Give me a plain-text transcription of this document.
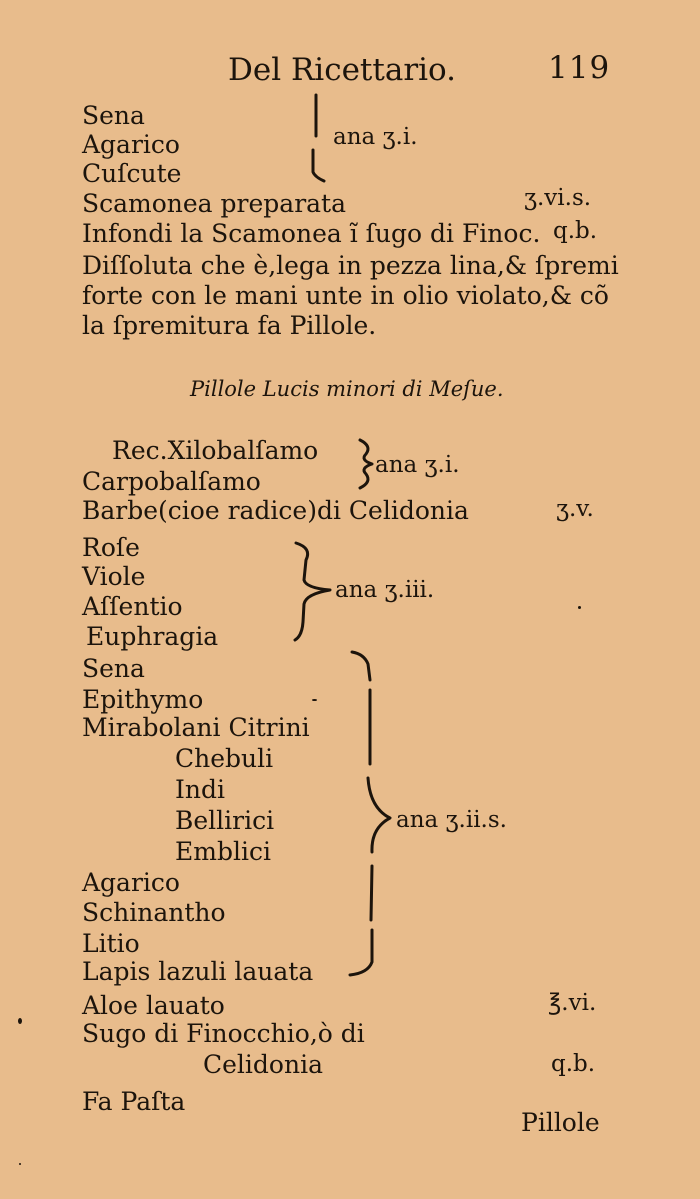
Del Ricettario.	119
Sena
Agarico
Cuſcute
ana ʒ.i.
Scamonea preparata	ʒ.vi.s.
Infondi la Scamonea ĩ ſugo di Finoc. q.b.
Diſſoluta che è,lega in pezza lina,& ſpremi
forte con le mani unte in olio violato,& cõ
la ſpremitura fa Pillole.
Pillole Lucis minori di Meſue.
Rec.Xilobalſamo
Carpobalſamo
ana ʒ.i.
Barbe(cioe radice)di Celidonia	ʒ.v.
Roſe
Viole
Aſſentio
Euphragia
ana ʒ.iii.
Sena
Epithymo
Mirabolani Citrini
Chebuli
Indi
Bellirici
Emblici
Agarico
Schinantho
Litio
Lapis lazuli lauata
ana ʒ.ii.s.
Aloe lauato	℥.vi.
Sugo di Finocchio,ò di
Celidonia	q.b.
Fa Paſta
Pillole
